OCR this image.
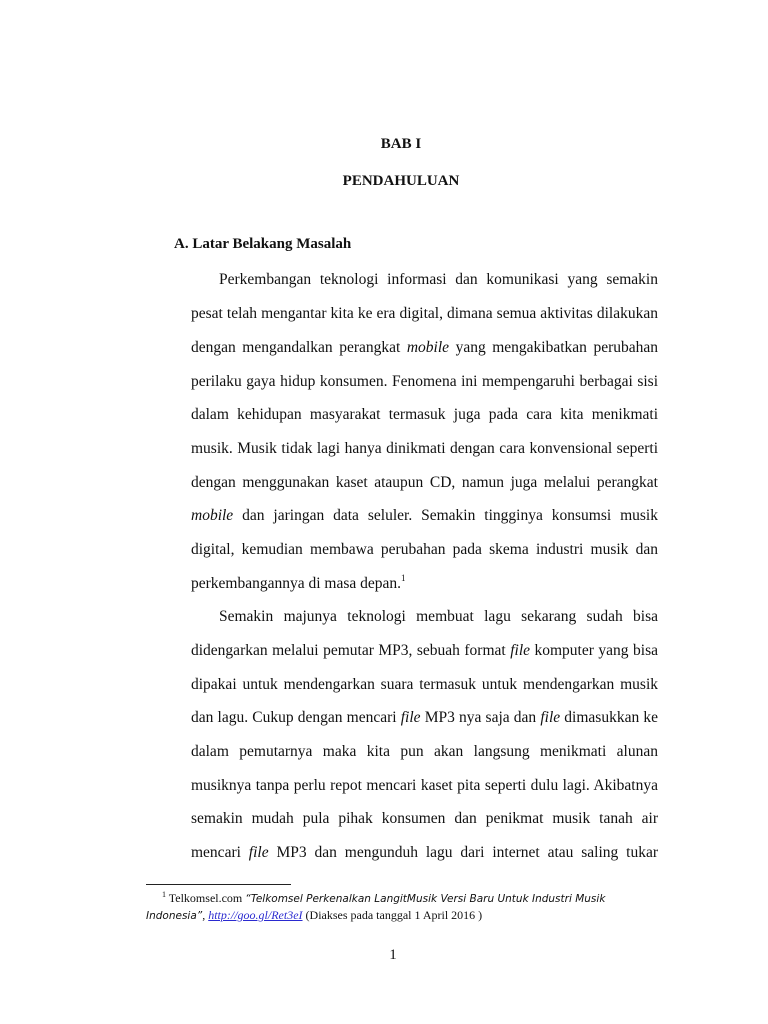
BAB I
PENDAHULUAN
A. Latar Belakang Masalah
Perkembangan teknologi informasi dan komunikasi yang semakin
pesat telah mengantar kita ke era digital, dimana semua aktivitas dilakukan
dengan mengandalkan perangkat mobile yang mengakibatkan perubahan
perilaku gaya hidup konsumen. Fenomena ini mempengaruhi berbagai sisi
dalam kehidupan masyarakat termasuk juga pada cara kita menikmati
musik. Musik tidak lagi hanya dinikmati dengan cara konvensional seperti
dengan menggunakan kaset ataupun CD, namun juga melalui perangkat
mobile dan jaringan data seluler. Semakin tingginya konsumsi musik
digital, kemudian membawa perubahan pada skema industri musik dan
perkembangannya di masa depan.$^1$
Semakin majunya teknologi membuat lagu sekarang sudah bisa
didengarkan melalui pemutar MP3, sebuah format file komputer yang bisa
dipakai untuk mendengarkan suara termasuk untuk mendengarkan musik
dan lagu. Cukup dengan mencari file MP3 nya saja dan file dimasukkan ke
dalam pemutarnya maka kita pun akan langsung menikmati alunan
musiknya tanpa perlu repot mencari kaset pita seperti dulu lagi. Akibatnya
semakin mudah pula pihak konsumen dan penikmat musik tanah air
mencari file MP3 dan mengunduh lagu dari internet atau saling tukar
$^1$ Telkomsel.com “Telkomsel Perkenalkan LangitMusik Versi Baru Untuk Industri Musik
Indonesia”, http://goo.gl/Ret3eI (Diakses pada tanggal 1 April 2016 )
1
